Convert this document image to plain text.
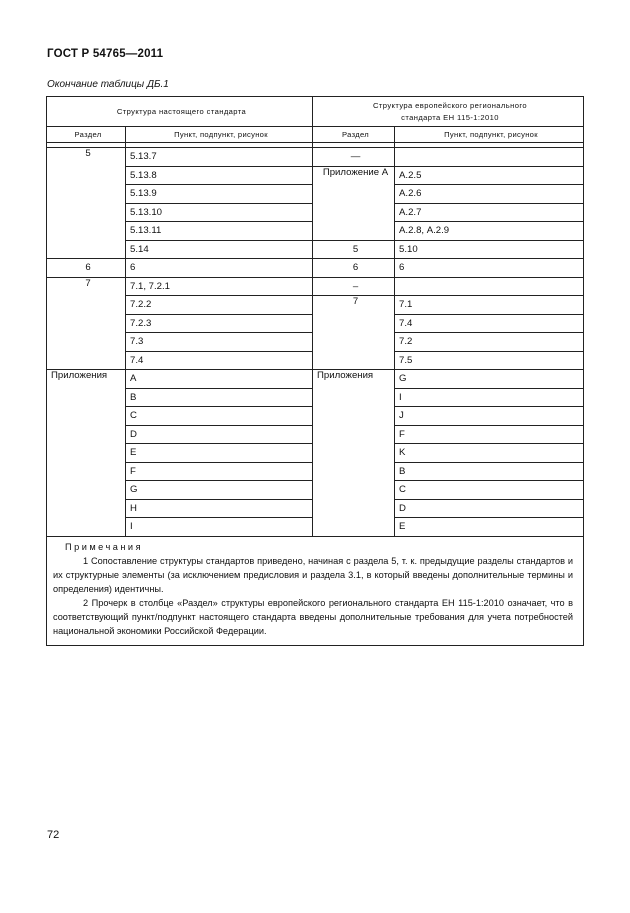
ГОСТ Р 54765—2011
Окончание таблицы ДБ.1
Структура настоящего стандарта		Структура европейского регионального
стандарта ЕН 115-1:2010	
Раздел	Пункт, подпункт, рисунок	Раздел	Пункт, подпункт, рисунок

5	5.13.7	—	
	5.13.8	Приложение А	А.2.5
	5.13.9		А.2.6
	5.13.10		А.2.7
	5.13.11		А.2.8, А.2.9
	5.14	5	5.10
6	6	6	6
7	7.1, 7.2.1	–	
	7.2.2	7	7.1
	7.2.3		7.4
	7.3		7.2
	7.4		7.5
Приложения	A	Приложения	G
	B		I
	C		J
	D		F
	E		K
	F		B
	G		C
	H		D
	I		E

Примечания

1 Сопоставление структуры стандартов приведено, начиная с раздела 5, т. к. предыдущие разделы стандартов и их структурные элементы (за исключением предисловия и раздела 3.1, в который введены дополнительные термины и определения) идентичны.

2 Прочерк в столбце «Раздел» структуры европейского регионального стандарта ЕН 115-1:2010 означает, что в соответствующий пункт/подпункт настоящего стандарта введены дополнительные требования для учета потребностей национальной экономики Российской Федерации.			

72
